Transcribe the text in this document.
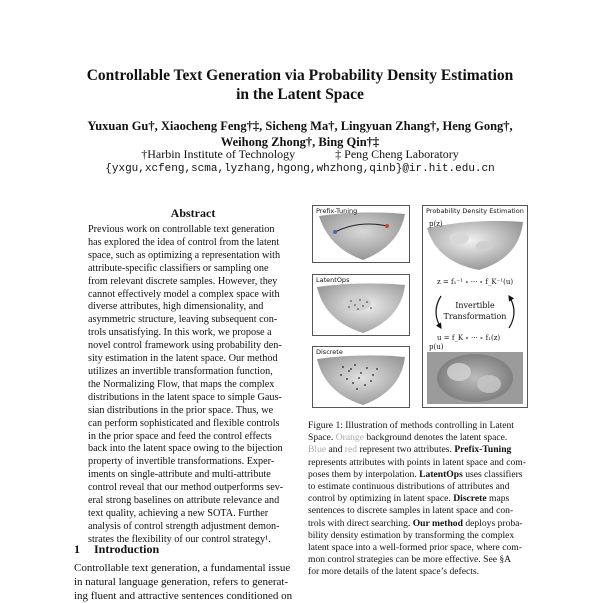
Controllable Text Generation via Probability Density Estimation
in the Latent Space
Yuxuan Gu†, Xiaocheng Feng†‡, Sicheng Ma†, Lingyuan Zhang†, Heng Gong†,
Weihong Zhong†, Bing Qin†‡
†Harbin Institute of Technology	‡ Peng Cheng Laboratory
{yxgu,xcfeng,scma,lyzhang,hgong,whzhong,qinb}@ir.hit.edu.cn
Abstract
Previous work on controllable text generation
has explored the idea of control from the latent
space, such as optimizing a representation with
attribute-specific classifiers or sampling one
from relevant discrete samples. However, they
cannot effectively model a complex space with
diverse attributes, high dimensionality, and
asymmetric structure, leaving subsequent con-
trols unsatisfying. In this work, we propose a
novel control framework using probability den-
sity estimation in the latent space. Our method
utilizes an invertible transformation function,
the Normalizing Flow, that maps the complex
distributions in the latent space to simple Gaus-
sian distributions in the prior space. Thus, we
can perform sophisticated and flexible controls
in the prior space and feed the control effects
back into the latent space owing to the bijection
property of invertible transformations. Exper-
iments on single-attribute and multi-attribute
control reveal that our method outperforms sev-
eral strong baselines on attribute relevance and
text quality, achieving a new SOTA. Further
analysis of control strength adjustment demon-
strates the flexibility of our control strategy¹.
1 Introduction
Controllable text generation, a fundamental issue
in natural language generation, refers to generat-
ing fluent and attractive sentences conditioned on
Prefix-Tuning
LatentOps
Discrete
p(z)
z = f₁⁻¹ ∘ ··· ∘ f_K⁻¹(u)
Invertible
Transformation
u = f_K ∘ ··· ∘ f₁(z)
p(u)
Probability Density Estimation
Figure 1: Illustration of methods controlling in Latent
Space. Orange background denotes the latent space.
Blue and red represent two attributes. Prefix-Tuning
represents attributes with points in latent space and com-
poses them by interpolation. LatentOps uses classifiers
to estimate continuous distributions of attributes and
control by optimizing in latent space. Discrete maps
sentences to discrete samples in latent space and con-
trols with direct searching. Our method deploys proba-
bility density estimation by transforming the complex
latent space into a well-formed prior space, where com-
mon control strategies can be more effective. See §A
for more details of the latent space’s defects.
